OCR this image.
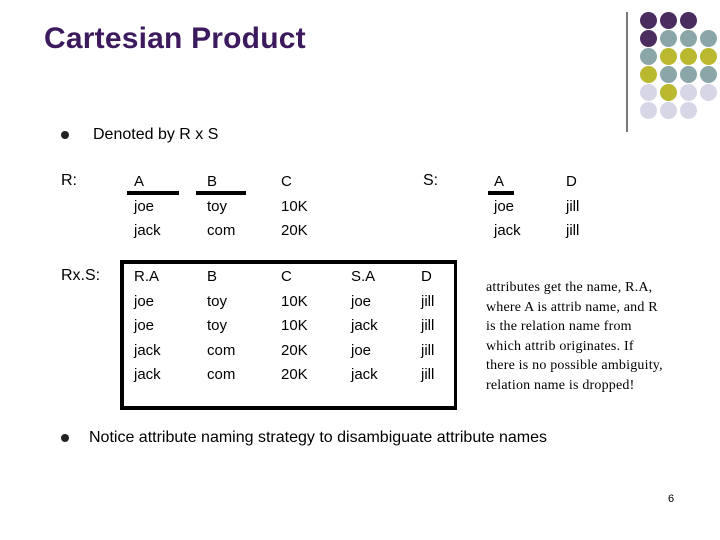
Cartesian Product
Denoted by R x S
R:	A	B	C
joe	toy	10K
jack	com	20K
S:	A	D
joe	jill
jack	jill
Rx.S: R.A	B	C	S.A	D
joe	toy	10K	joe	jill
joe	toy	10K	jack	jill
jack	com	20K	joe	jill
jack	com	20K	jack	jill
attributes get the name, R.A, where A is attrib name, and R is the relation name from which attrib originates. If there is no possible ambiguity, relation name is dropped!
Notice attribute naming strategy to disambiguate attribute names
6
